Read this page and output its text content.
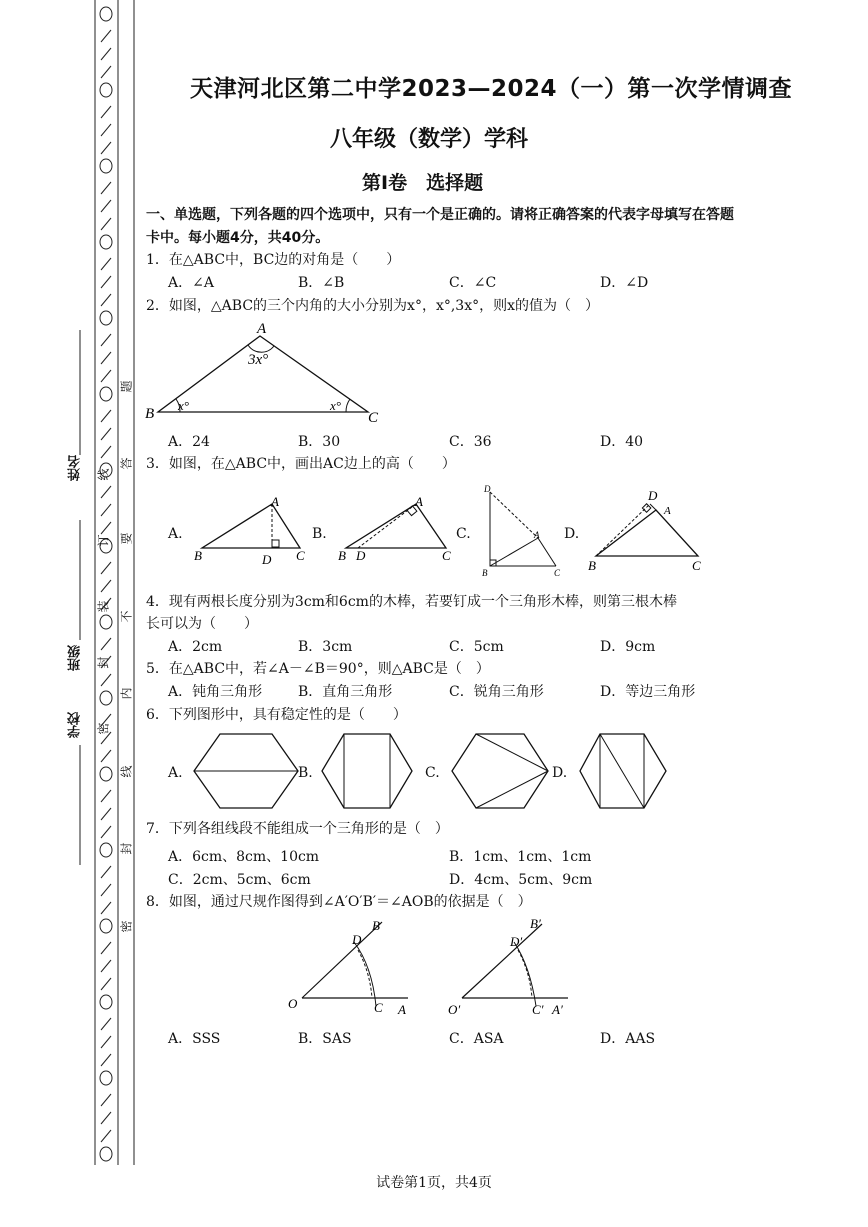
姓名
班级
学校
题
答
要
不
内
线
封
密
线
订
装
封
密
天津河北区第二中学2023—2024（一）第一次学情调查
八年级（数学）学科
第Ⅰ卷　选择题
一、单选题，下列各题的四个选项中，只有一个是正确的。请将正确答案的代表字母填写在答题卡中。每小题4分，共40分。
1．在△ABC中，BC边的对角是（　　）
A．∠A	B．∠B	C．∠C	D．∠D
2．如图，△ABC的三个内角的大小分别为x°，x°,3x°，则x的值为（　）
A
B	C
3x°
x°	x°
A．24	B．30	C．36	D．40
3．如图，在△ABC中，画出AC边上的高（　　）
A.
A
B	C
D
B.
A
B	C
D
C.
D
A
B	C
D.
D
A
B	C
4．现有两根长度分别为3cm和6cm的木棒，若要钉成一个三角形木棒，则第三根木棒
长可以为（　　）
A．2cm	B．3cm	C．5cm	D．9cm
5．在△ABC中，若∠A－∠B＝90°，则△ABC是（　）
A．钝角三角形	B．直角三角形	C．锐角三角形	D．等边三角形
6．下列图形中，具有稳定性的是（　　）
A.	B.	C.	D.
7．下列各组线段不能组成一个三角形的是（　）
A．6cm、8cm、10cm	B．1cm、1cm、1cm
C．2cm、5cm、6cm	D．4cm、5cm、9cm
8．如图，通过尺规作图得到∠A′O′B′＝∠AOB的依据是（　）
O	A
B
C
D
O′	A′
B′
C′
D′
A．SSS	B．SAS	C．ASA	D．AAS
试卷第1页，共4页
